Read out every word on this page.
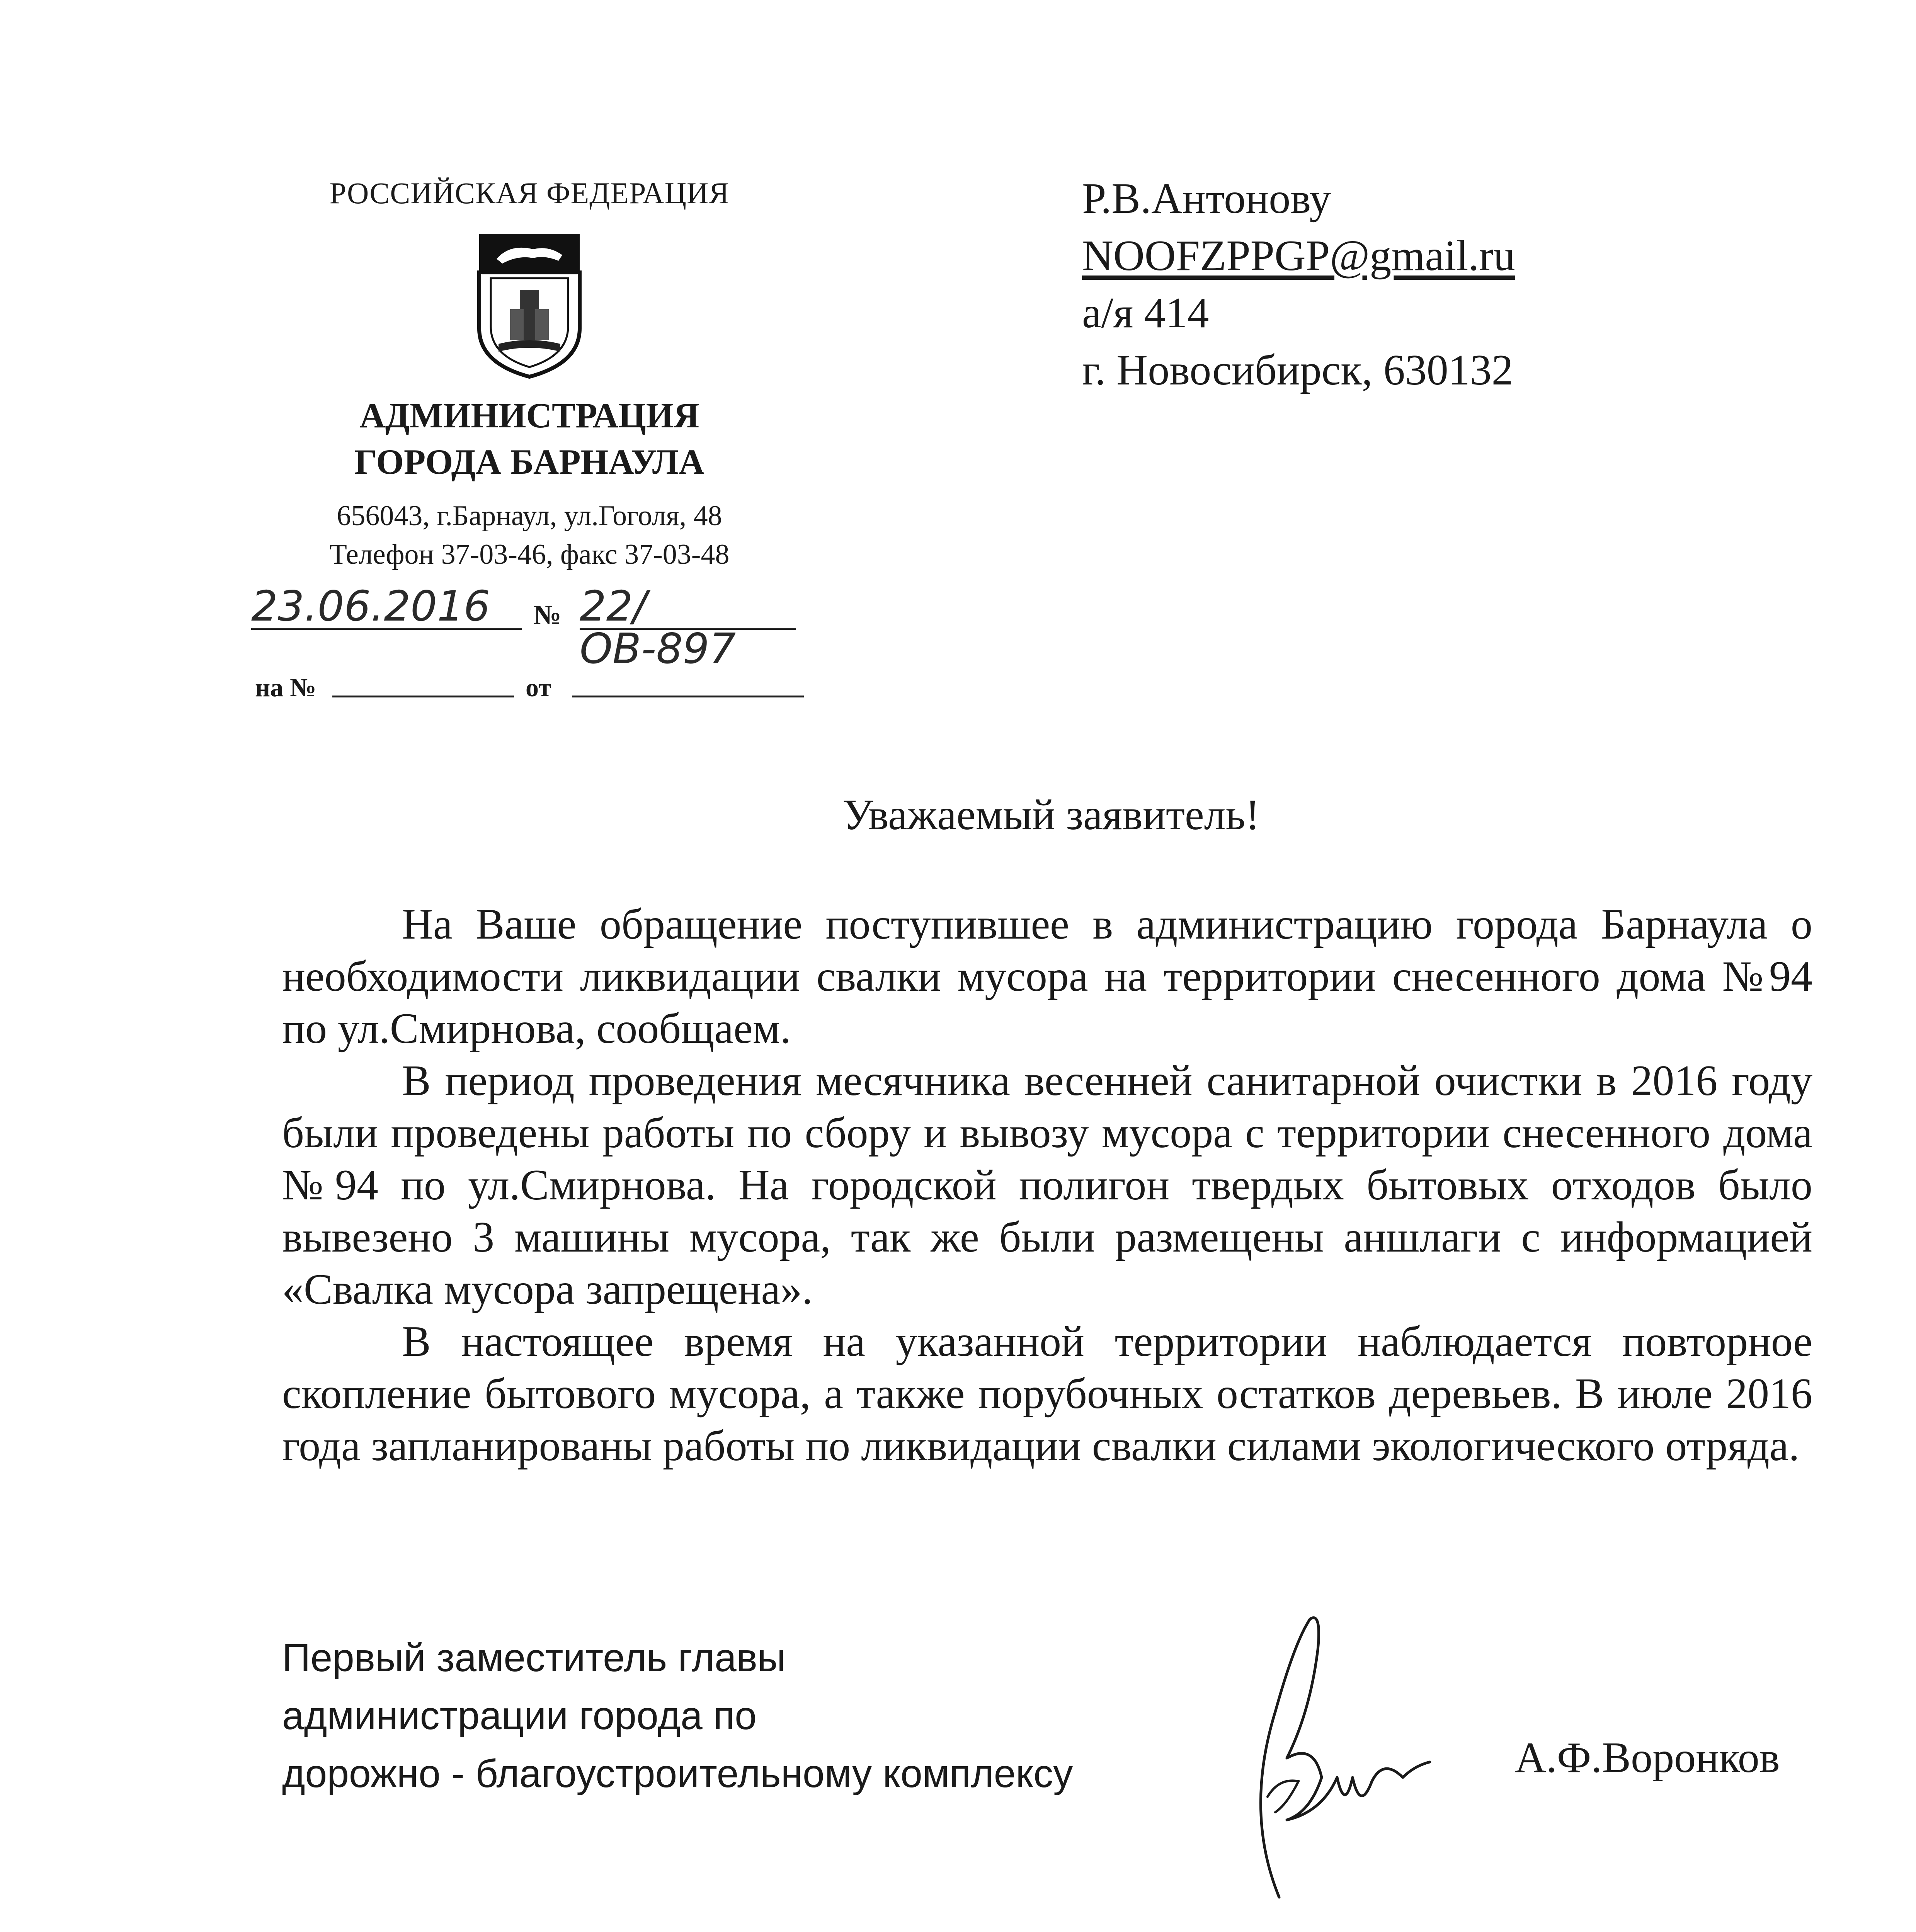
РОССИЙСКАЯ ФЕДЕРАЦИЯ
АДМИНИСТРАЦИЯ
ГОРОДА БАРНАУЛА
656043, г.Барнаул, ул.Гоголя, 48
Телефон 37-03-46, факс 37-03-48
23.06.2016	№ 22/ОВ-897
на №	от
Р.В.Антонову
NOOFZPPGP@gmail.ru
а/я 414
г. Новосибирск, 630132
Уважаемый заявитель!

На Ваше обращение поступившее в администрацию города Барнаула о необходимости ликвидации свалки мусора на территории снесенного дома №94 по ул.Смирнова, сообщаем.

В период проведения месячника весенней санитарной очистки в 2016 году были проведены работы по сбору и вывозу мусора с территории снесенного дома №94 по ул.Смирнова. На городской полигон твердых бытовых отходов было вывезено 3 машины мусора, так же были размещены аншлаги с информацией «Свалка мусора запрещена».

В настоящее время на указанной территории наблюдается повторное скопление бытового мусора, а также порубочных остатков деревьев. В июле 2016 года запланированы работы по ликвидации свалки силами экологического отряда.

Первый заместитель главы
администрации города по
дорожно - благоустроительному комплексу	А.Ф.Воронков
